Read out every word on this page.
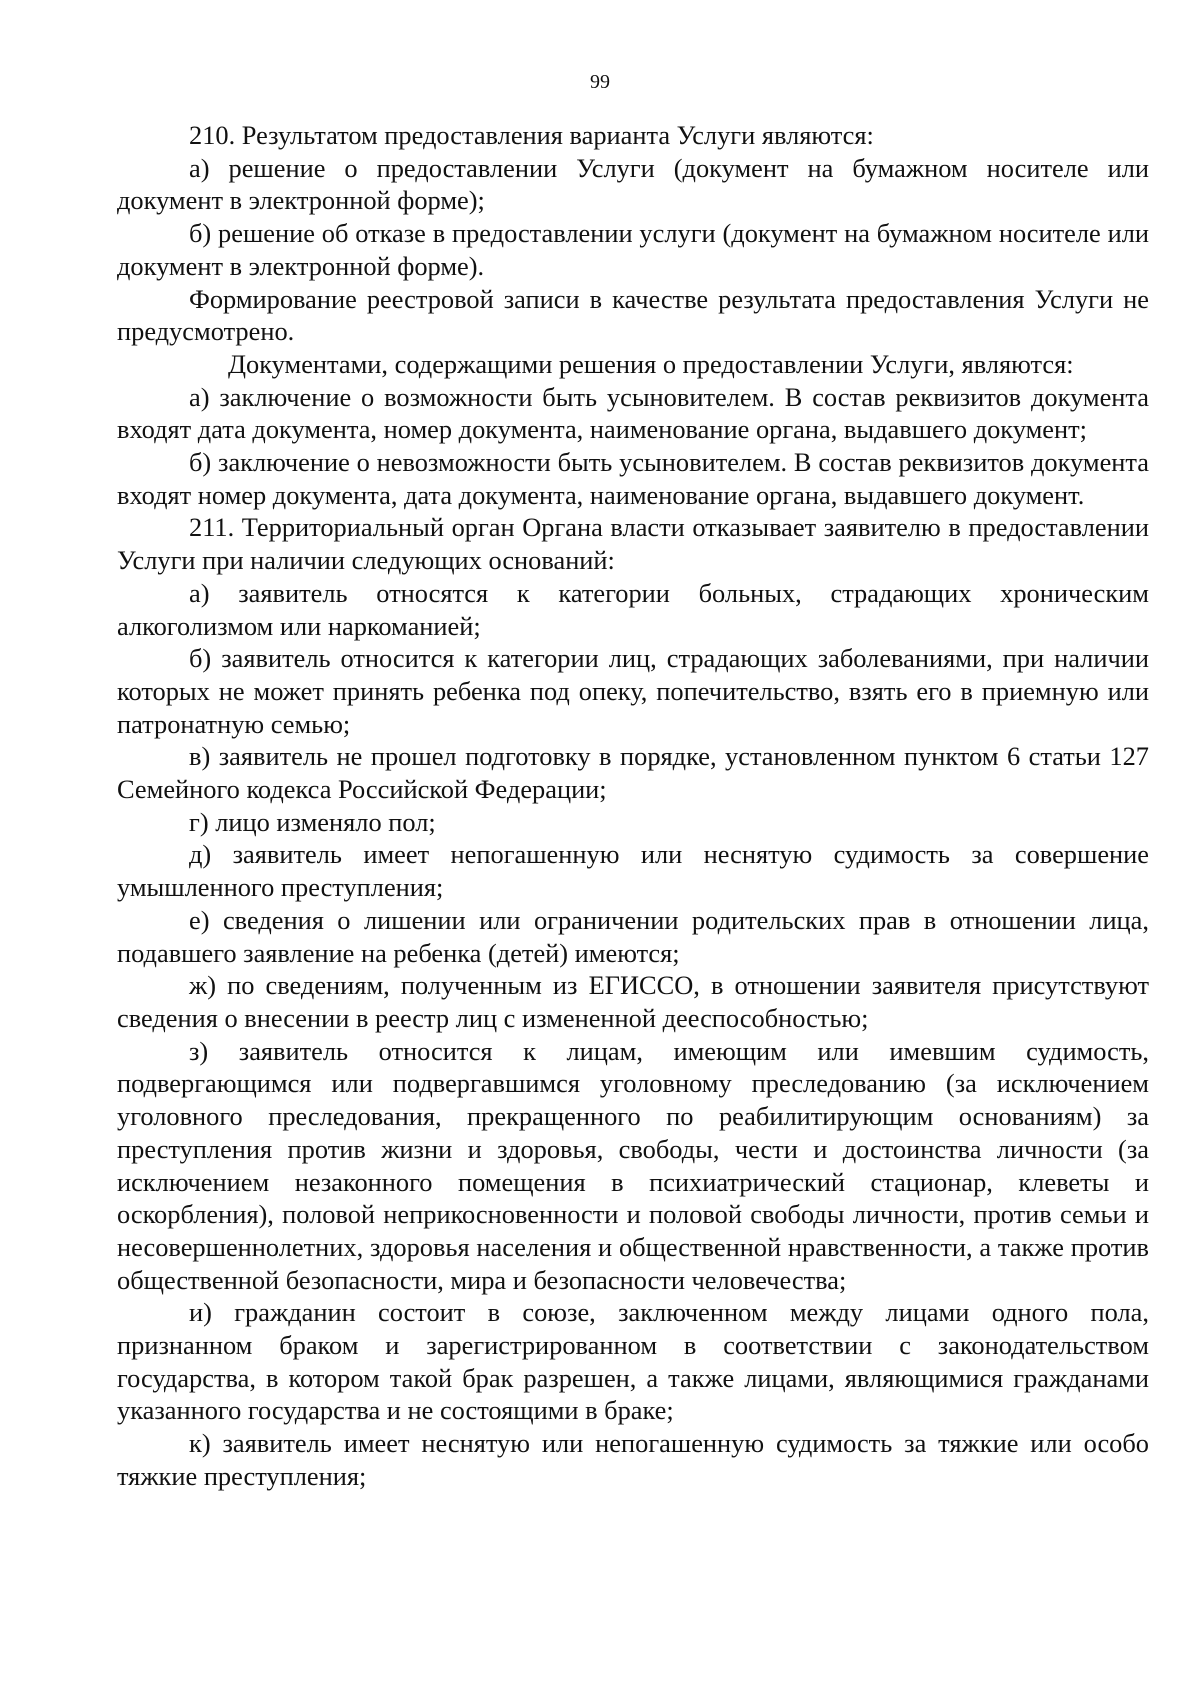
99

210. Результатом предоставления варианта Услуги являются:

а) решение о предоставлении Услуги (документ на бумажном носителе или документ в электронной форме);

б) решение об отказе в предоставлении услуги (документ на бумажном носителе или документ в электронной форме).

Формирование реестровой записи в качестве результата предоставления Услуги не предусмотрено.

Документами, содержащими решения о предоставлении Услуги, являются:

а) заключение о возможности быть усыновителем. В состав реквизитов документа входят дата документа, номер документа, наименование органа, выдавшего документ;

б) заключение о невозможности быть усыновителем. В состав реквизитов документа входят номер документа, дата документа, наименование органа, выдавшего документ.

211. Территориальный орган Органа власти отказывает заявителю в предоставлении Услуги при наличии следующих оснований:

а) заявитель относятся к категории больных, страдающих хроническим алкоголизмом или наркоманией;

б) заявитель относится к категории лиц, страдающих заболеваниями, при наличии которых не может принять ребенка под опеку, попечительство, взять его в приемную или патронатную семью;

в) заявитель не прошел подготовку в порядке, установленном пунктом 6 статьи 127 Семейного кодекса Российской Федерации;

г) лицо изменяло пол;

д) заявитель имеет непогашенную или неснятую судимость за совершение умышленного преступления;

е) сведения о лишении или ограничении родительских прав в отношении лица, подавшего заявление на ребенка (детей) имеются;

ж) по сведениям, полученным из ЕГИССО, в отношении заявителя присутствуют сведения о внесении в реестр лиц с измененной дееспособностью;

з) заявитель относится к лицам, имеющим или имевшим судимость, подвергающимся или подвергавшимся уголовному преследованию (за исключением уголовного преследования, прекращенного по реабилитирующим основаниям) за преступления против жизни и здоровья, свободы, чести и достоинства личности (за исключением незаконного помещения в психиатрический стационар, клеветы и оскорбления), половой неприкосновенности и половой свободы личности, против семьи и несовершеннолетних, здоровья населения и общественной нравственности, а также против общественной безопасности, мира и безопасности человечества;

и) гражданин состоит в союзе, заключенном между лицами одного пола, признанном браком и зарегистрированном в соответствии с законодательством государства, в котором такой брак разрешен, а также лицами, являющимися гражданами указанного государства и не состоящими в браке;

к) заявитель имеет неснятую или непогашенную судимость за тяжкие или особо тяжкие преступления;
